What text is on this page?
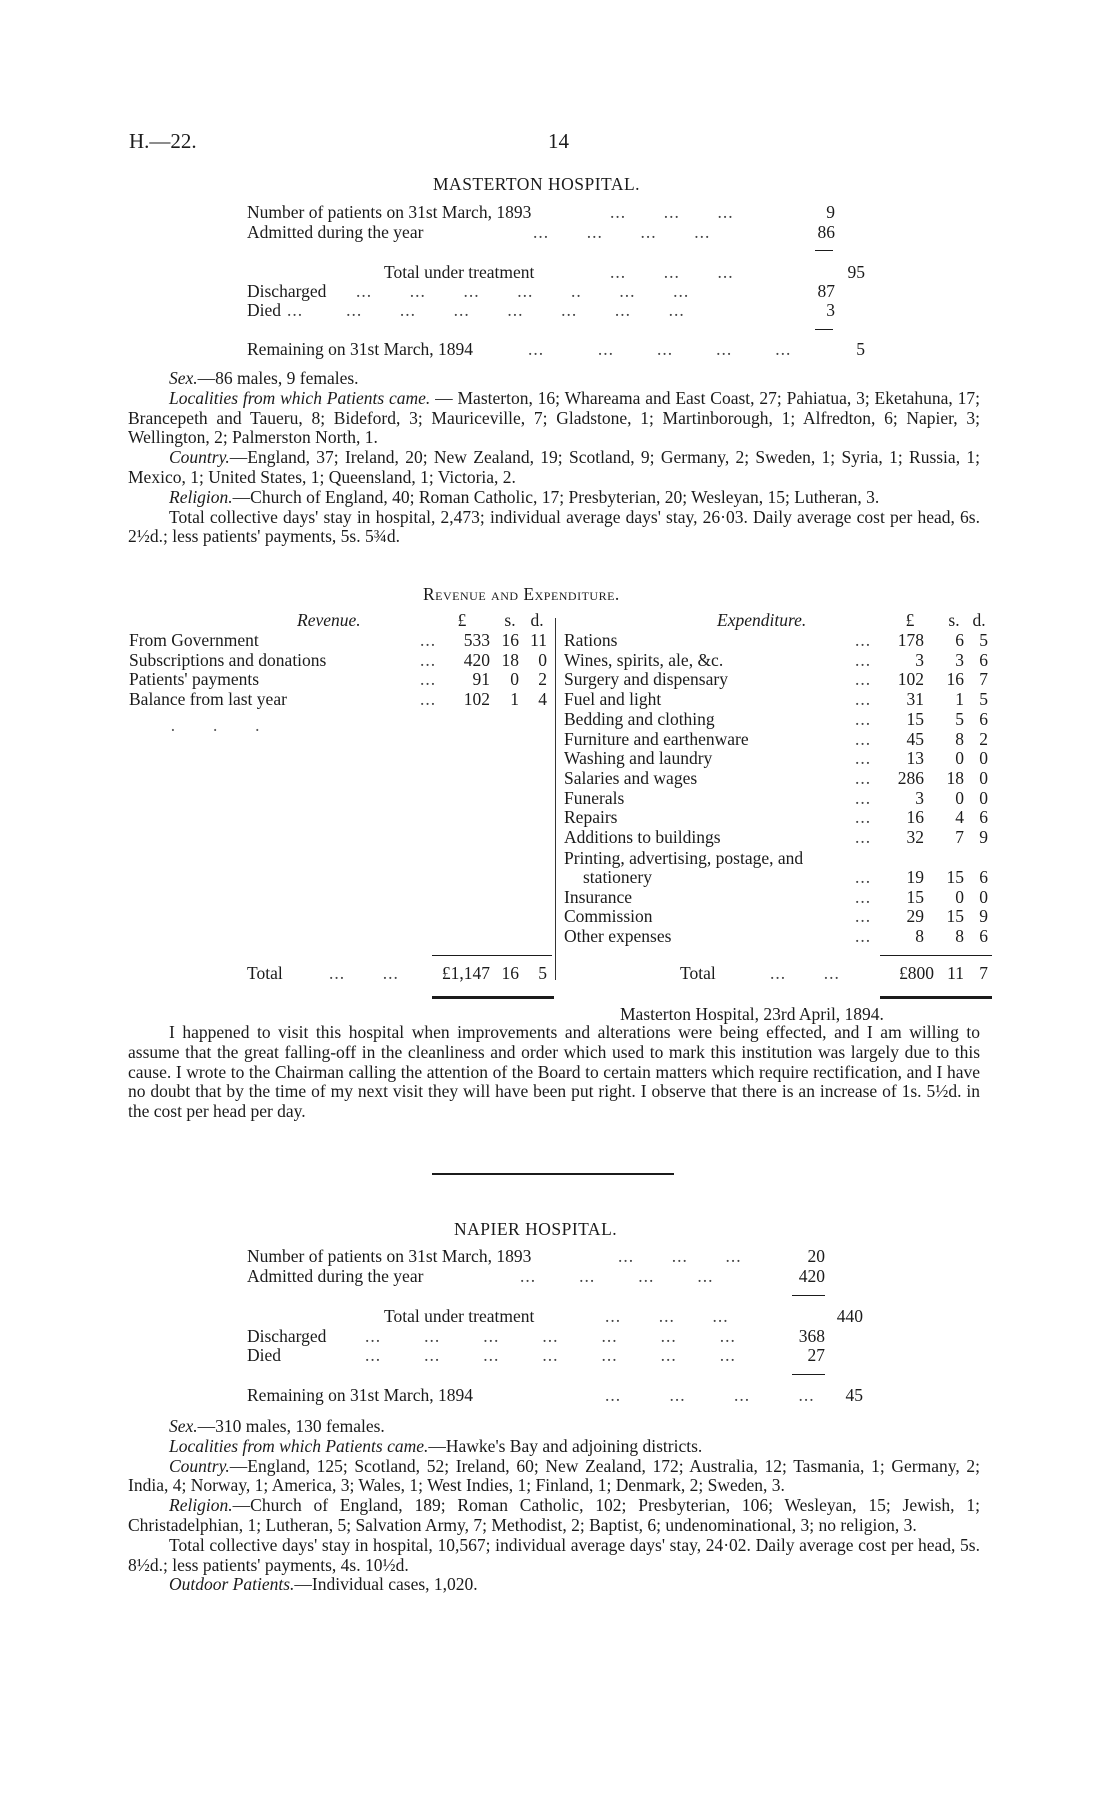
H.—22.	14
MASTERTON HOSPITAL.
Number of patients on 31st March, 1893	...       ...       ...	9
Admitted during the year	...       ...       ...       ...	86
Total under treatment	...       ...       ...	95
Discharged ...       ...       ...       ...       ..       ...       ...	87
Died ...        ...       ...       ...       ...       ...       ...       ...	3
Remaining on 31st March, 1894	...          ...        ...        ...        ...	5

Sex.—86 males, 9 females.

Localities from which Patients came. — Masterton, 16; Whareama and East Coast, 27; Pahiatua, 3; Eketahuna, 17; Brancepeth and Taueru, 8; Bideford, 3; Mauriceville, 7; Gladstone, 1; Martinborough, 1; Alfredton, 6; Napier, 3; Wellington, 2; Palmerston North, 1.

Country.—England, 37; Ireland, 20; New Zealand, 19; Scotland, 9; Germany, 2; Sweden, 1; Syria, 1; Russia, 1; Mexico, 1; United States, 1; Queensland, 1; Victoria, 2.

Religion.—Church of England, 40; Roman Catholic, 17; Presbyterian, 20; Wesleyan, 15; Lutheran, 3.

Total collective days' stay in hospital, 2,473; individual average days' stay, 26·03. Daily average cost per head, 6s. 2½d.; less patients' payments, 5s. 5¾d.

Revenue and Expenditure.
Revenue.	£	s. d.
From Government	...	533 16 11
Subscriptions and donations	...	420 18	0
Patients' payments	...	91	0	2
Balance from last year	...	102	1	4
Expenditure.	£	s. d.
Rations	...	178	6 5
Wines, spirits, ale, &c.	...	3	3 6
Surgery and dispensary	...	102	16 7
Fuel and light	...	31	1 5
Bedding and clothing	...	15	5 6
Furniture and earthenware	...	45	8 2
Washing and laundry	...	13	0 0
Salaries and wages	...	286	18 0
Funerals	...	3	0 0
Repairs	...	16	4 6
Additions to buildings	...	32	7 9
Printing, advertising, postage, and
stationery	...	19	15 6
Insurance	...	15	0 0
Commission	...	29	15 9
Other expenses	...	8	8 6
· · ·
Total	...       ...	£1,147 16	5	Total	...       ...	£800 11 7
Masterton Hospital, 23rd April, 1894.

I happened to visit this hospital when improvements and alterations were being effected, and I am willing to assume that the great falling-off in the cleanliness and order which used to mark this institution was largely due to this cause. I wrote to the Chairman calling the attention of the Board to certain matters which require rectification, and I have no doubt that by the time of my next visit they will have been put right. I observe that there is an increase of 1s. 5½d. in the cost per head per day.

NAPIER HOSPITAL.
Number of patients on 31st March, 1893	...       ...       ...	20
Admitted during the year	...        ...        ...        ...	420
Total under treatment	...       ...       ...	440
Discharged ...        ...        ...        ...        ...        ...        ...	368
Died	...        ...        ...        ...        ...        ...        ...	27
Remaining on 31st March, 1894	...         ...         ...         ...	45

Sex.—310 males, 130 females.

Localities from which Patients came.—Hawke's Bay and adjoining districts.

Country.—England, 125; Scotland, 52; Ireland, 60; New Zealand, 172; Australia, 12; Tasmania, 1; Germany, 2; India, 4; Norway, 1; America, 3; Wales, 1; West Indies, 1; Finland, 1; Denmark, 2; Sweden, 3.

Religion.—Church of England, 189; Roman Catholic, 102; Presbyterian, 106; Wesleyan, 15; Jewish, 1; Christadelphian, 1; Lutheran, 5; Salvation Army, 7; Methodist, 2; Baptist, 6; undenominational, 3; no religion, 3.

Total collective days' stay in hospital, 10,567; individual average days' stay, 24·02. Daily average cost per head, 5s. 8½d.; less patients' payments, 4s. 10½d.

Outdoor Patients.—Individual cases, 1,020.
